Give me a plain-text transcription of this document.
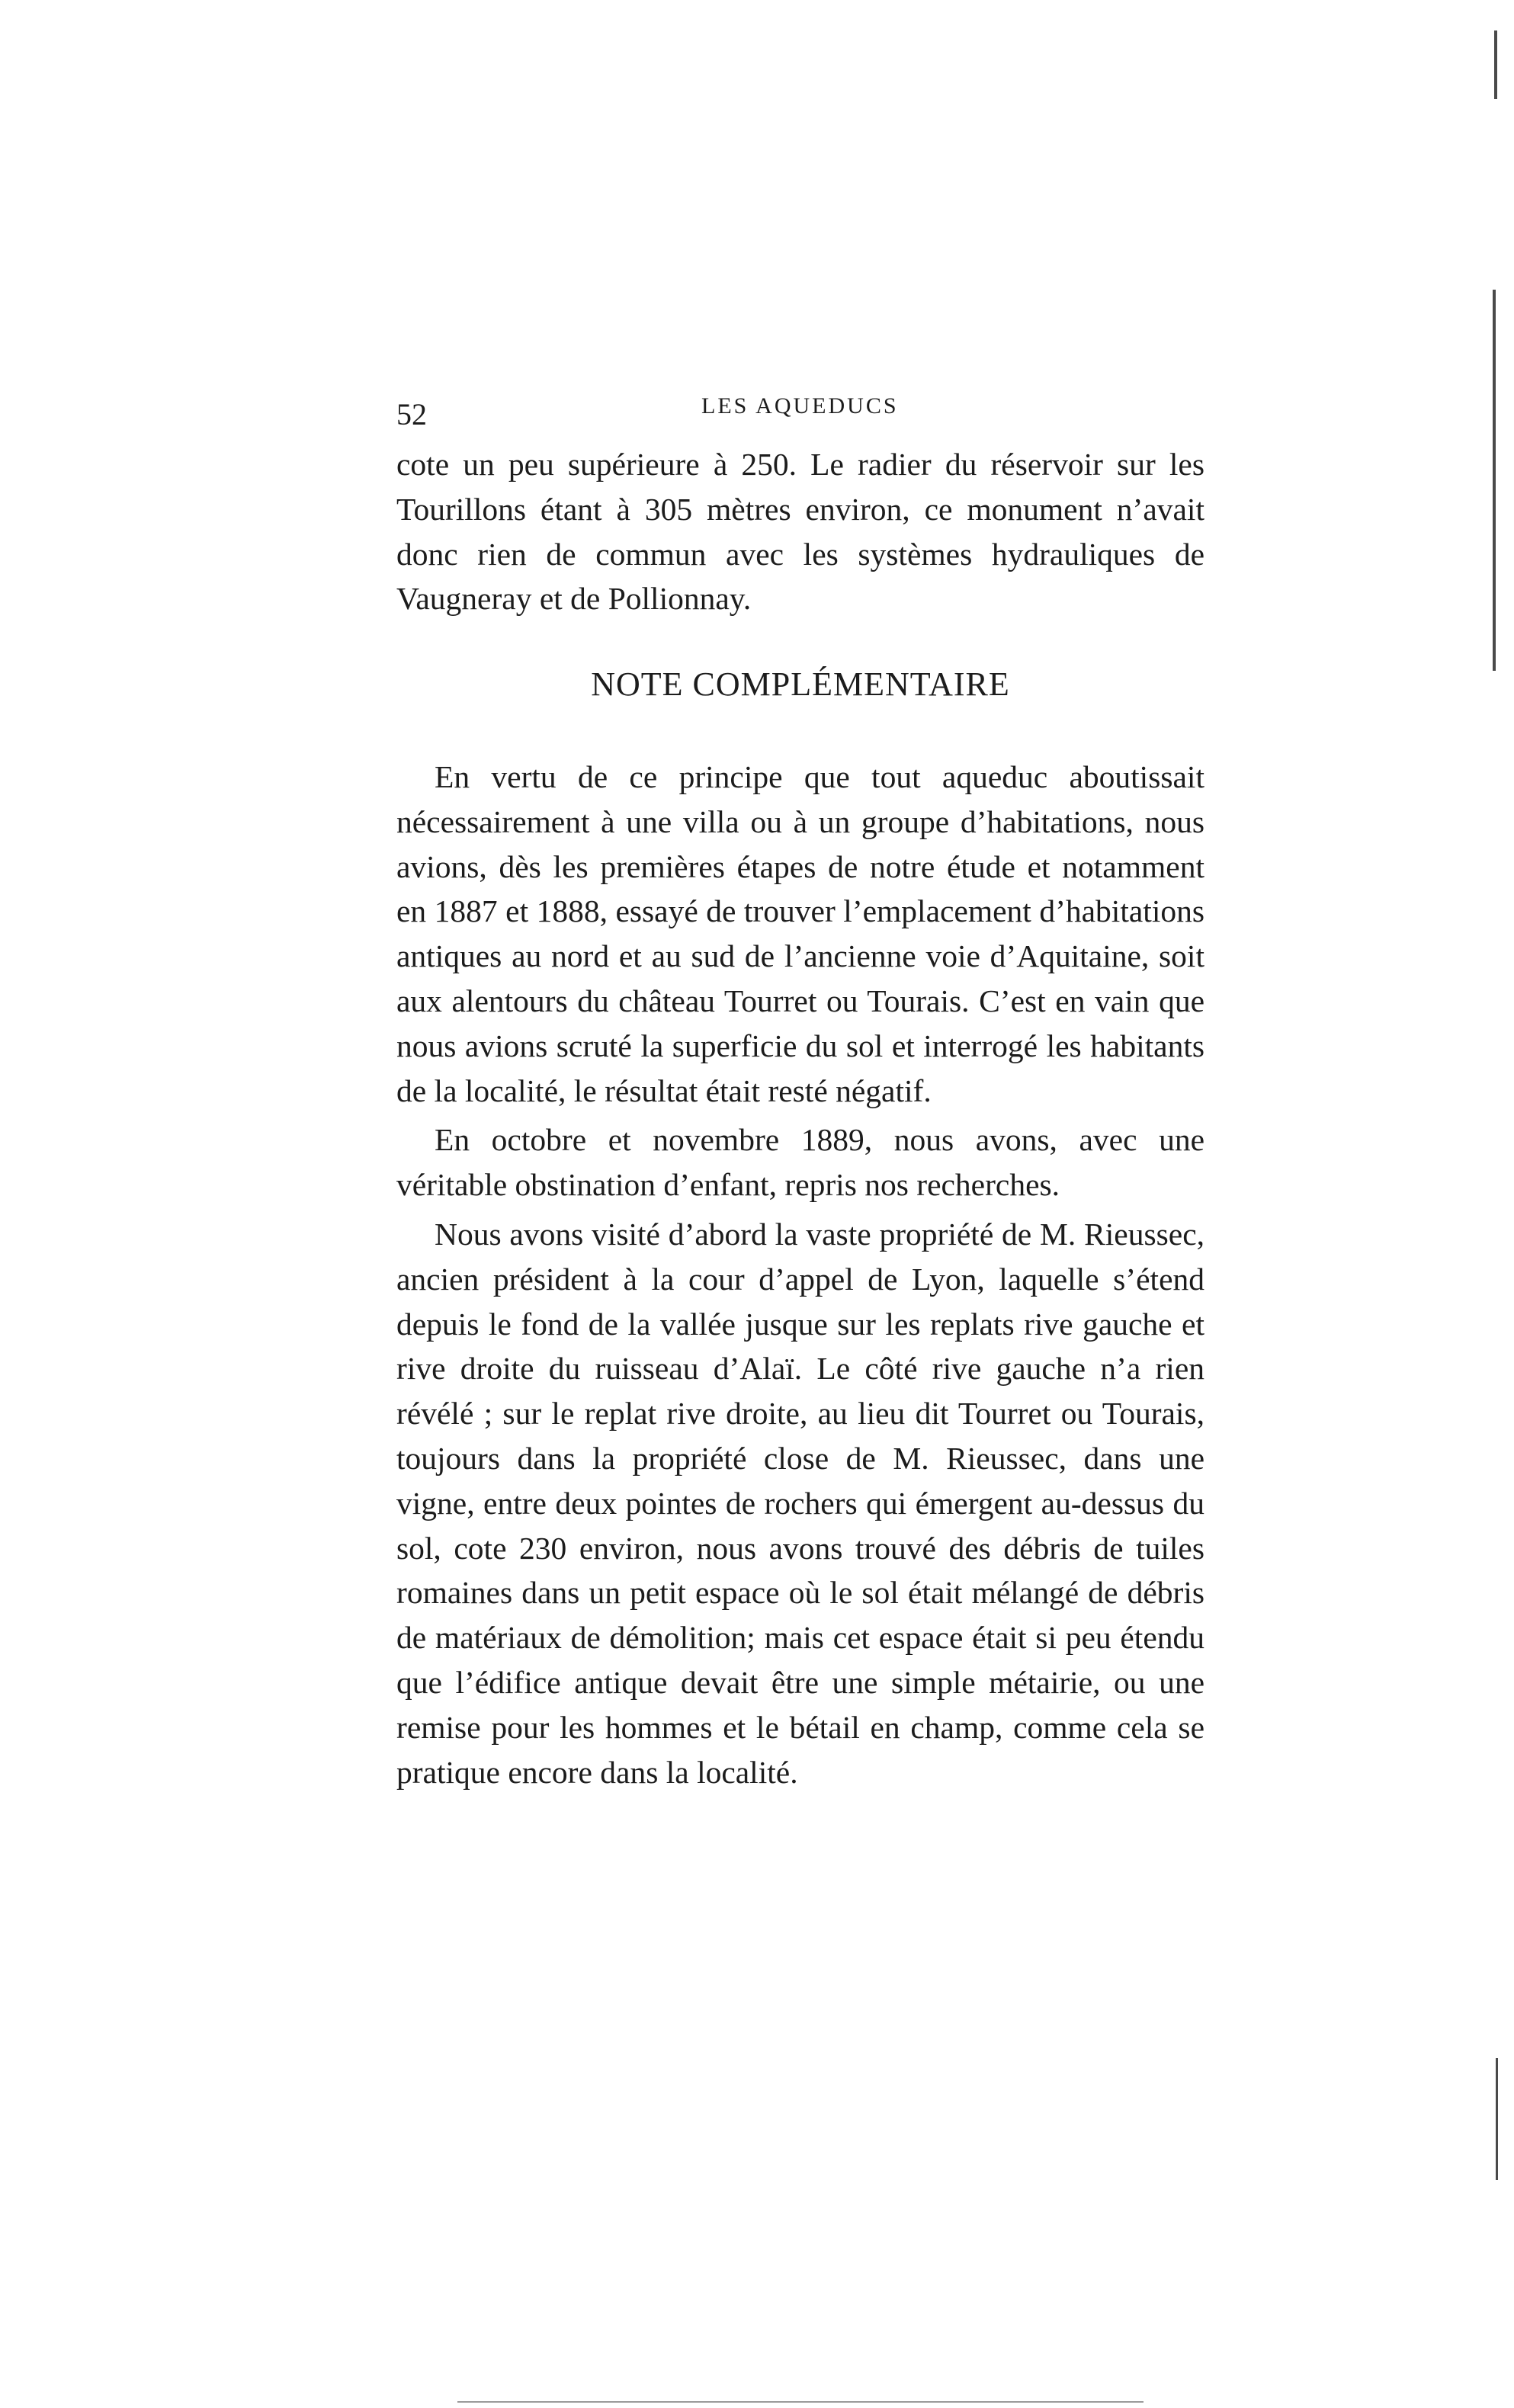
52	LES AQUEDUCS

cote un peu supérieure à 250. Le radier du réservoir sur les Tourillons étant à 305 mètres environ, ce monument n’avait donc rien de commun avec les systèmes hydrauliques de Vaugneray et de Pollionnay.

NOTE COMPLÉMENTAIRE

En vertu de ce principe que tout aqueduc aboutissait nécessairement à une villa ou à un groupe d’habitations, nous avions, dès les premières étapes de notre étude et notamment en 1887 et 1888, essayé de trouver l’emplacement d’habitations antiques au nord et au sud de l’ancienne voie d’Aquitaine, soit aux alentours du château Tourret ou Tourais. C’est en vain que nous avions scruté la superficie du sol et interrogé les habitants de la localité, le résultat était resté négatif.

En octobre et novembre 1889, nous avons, avec une véritable obstination d’enfant, repris nos recherches.

Nous avons visité d’abord la vaste propriété de M. Rieussec, ancien président à la cour d’appel de Lyon, laquelle s’étend depuis le fond de la vallée jusque sur les replats rive gauche et rive droite du ruisseau d’Alaï. Le côté rive gauche n’a rien révélé ; sur le replat rive droite, au lieu dit Tourret ou Tourais, toujours dans la propriété close de M. Rieussec, dans une vigne, entre deux pointes de rochers qui émergent au-dessus du sol, cote 230 environ, nous avons trouvé des débris de tuiles romaines dans un petit espace où le sol était mélangé de débris de matériaux de démolition; mais cet espace était si peu étendu que l’édifice antique devait être une simple métairie, ou une remise pour les hommes et le bétail en champ, comme cela se pratique encore dans la localité.
